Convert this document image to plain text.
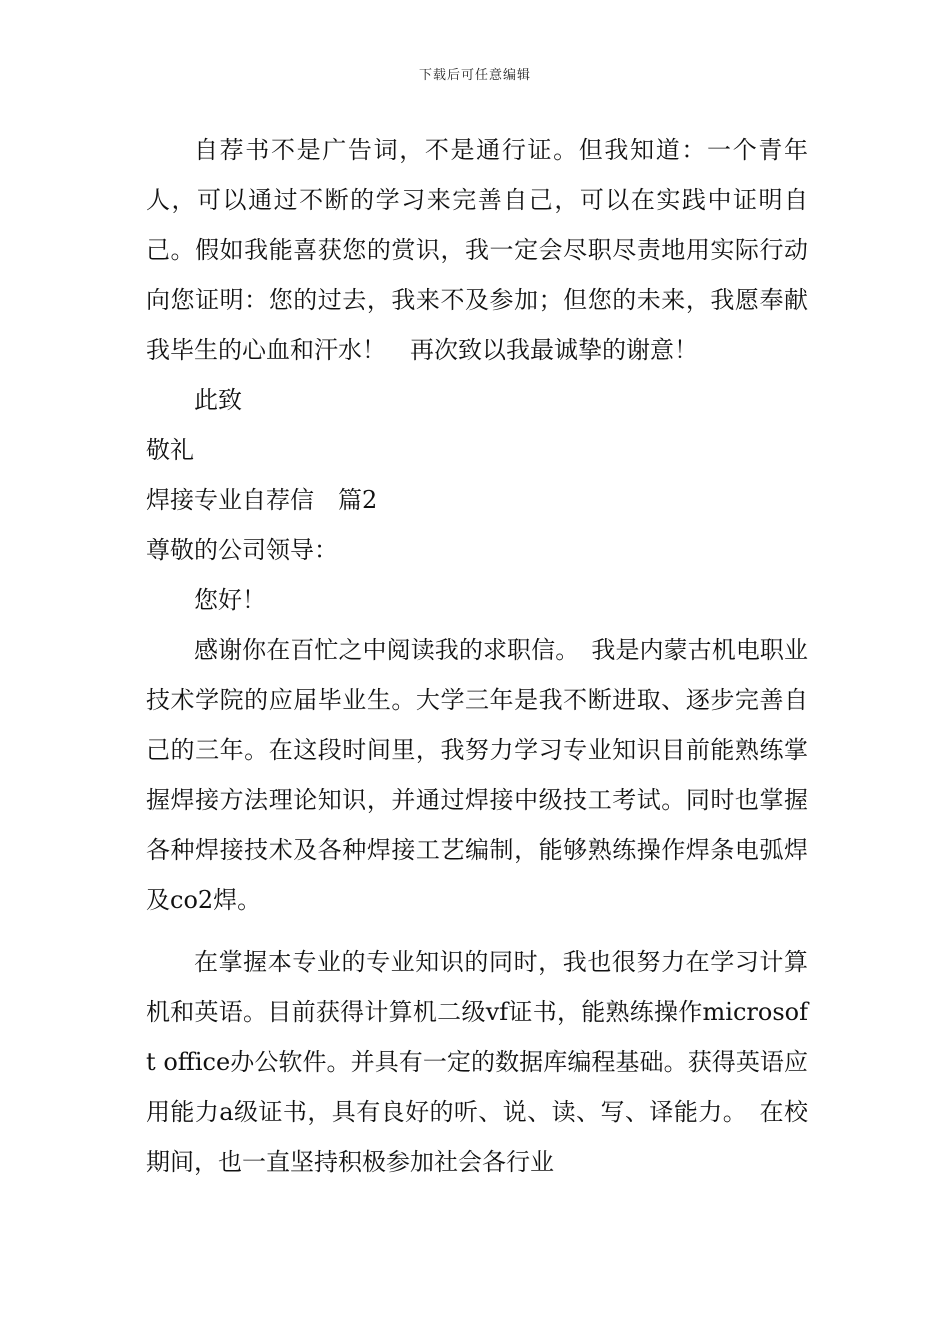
下载后可任意编辑

自荐书不是广告词，不是通行证。但我知道：一个青年人，可以通过不断的学习来完善自己，可以在实践中证明自己。假如我能喜获您的赏识，我一定会尽职尽责地用实际行动向您证明：您的过去，我来不及参加；但您的未来，我愿奉献我毕生的心血和汗水！　再次致以我最诚挚的谢意！

此致

敬礼

焊接专业自荐信　篇2

尊敬的公司领导：

您好！

感谢你在百忙之中阅读我的求职信。　我是内蒙古机电职业技术学院的应届毕业生。大学三年是我不断进取、逐步完善自己的三年。在这段时间里，我努力学习专业知识目前能熟练掌握焊接方法理论知识，并通过焊接中级技工考试。同时也掌握各种焊接技术及各种焊接工艺编制，能够熟练操作焊条电弧焊及co2焊。

在掌握本专业的专业知识的同时，我也很努力在学习计算机和英语。目前获得计算机二级vf证书，能熟练操作microsoft office办公软件。并具有一定的数据库编程基础。获得英语应用能力a级证书，具有良好的听、说、读、写、译能力。　在校期间，也一直坚持积极参加社会各行业
